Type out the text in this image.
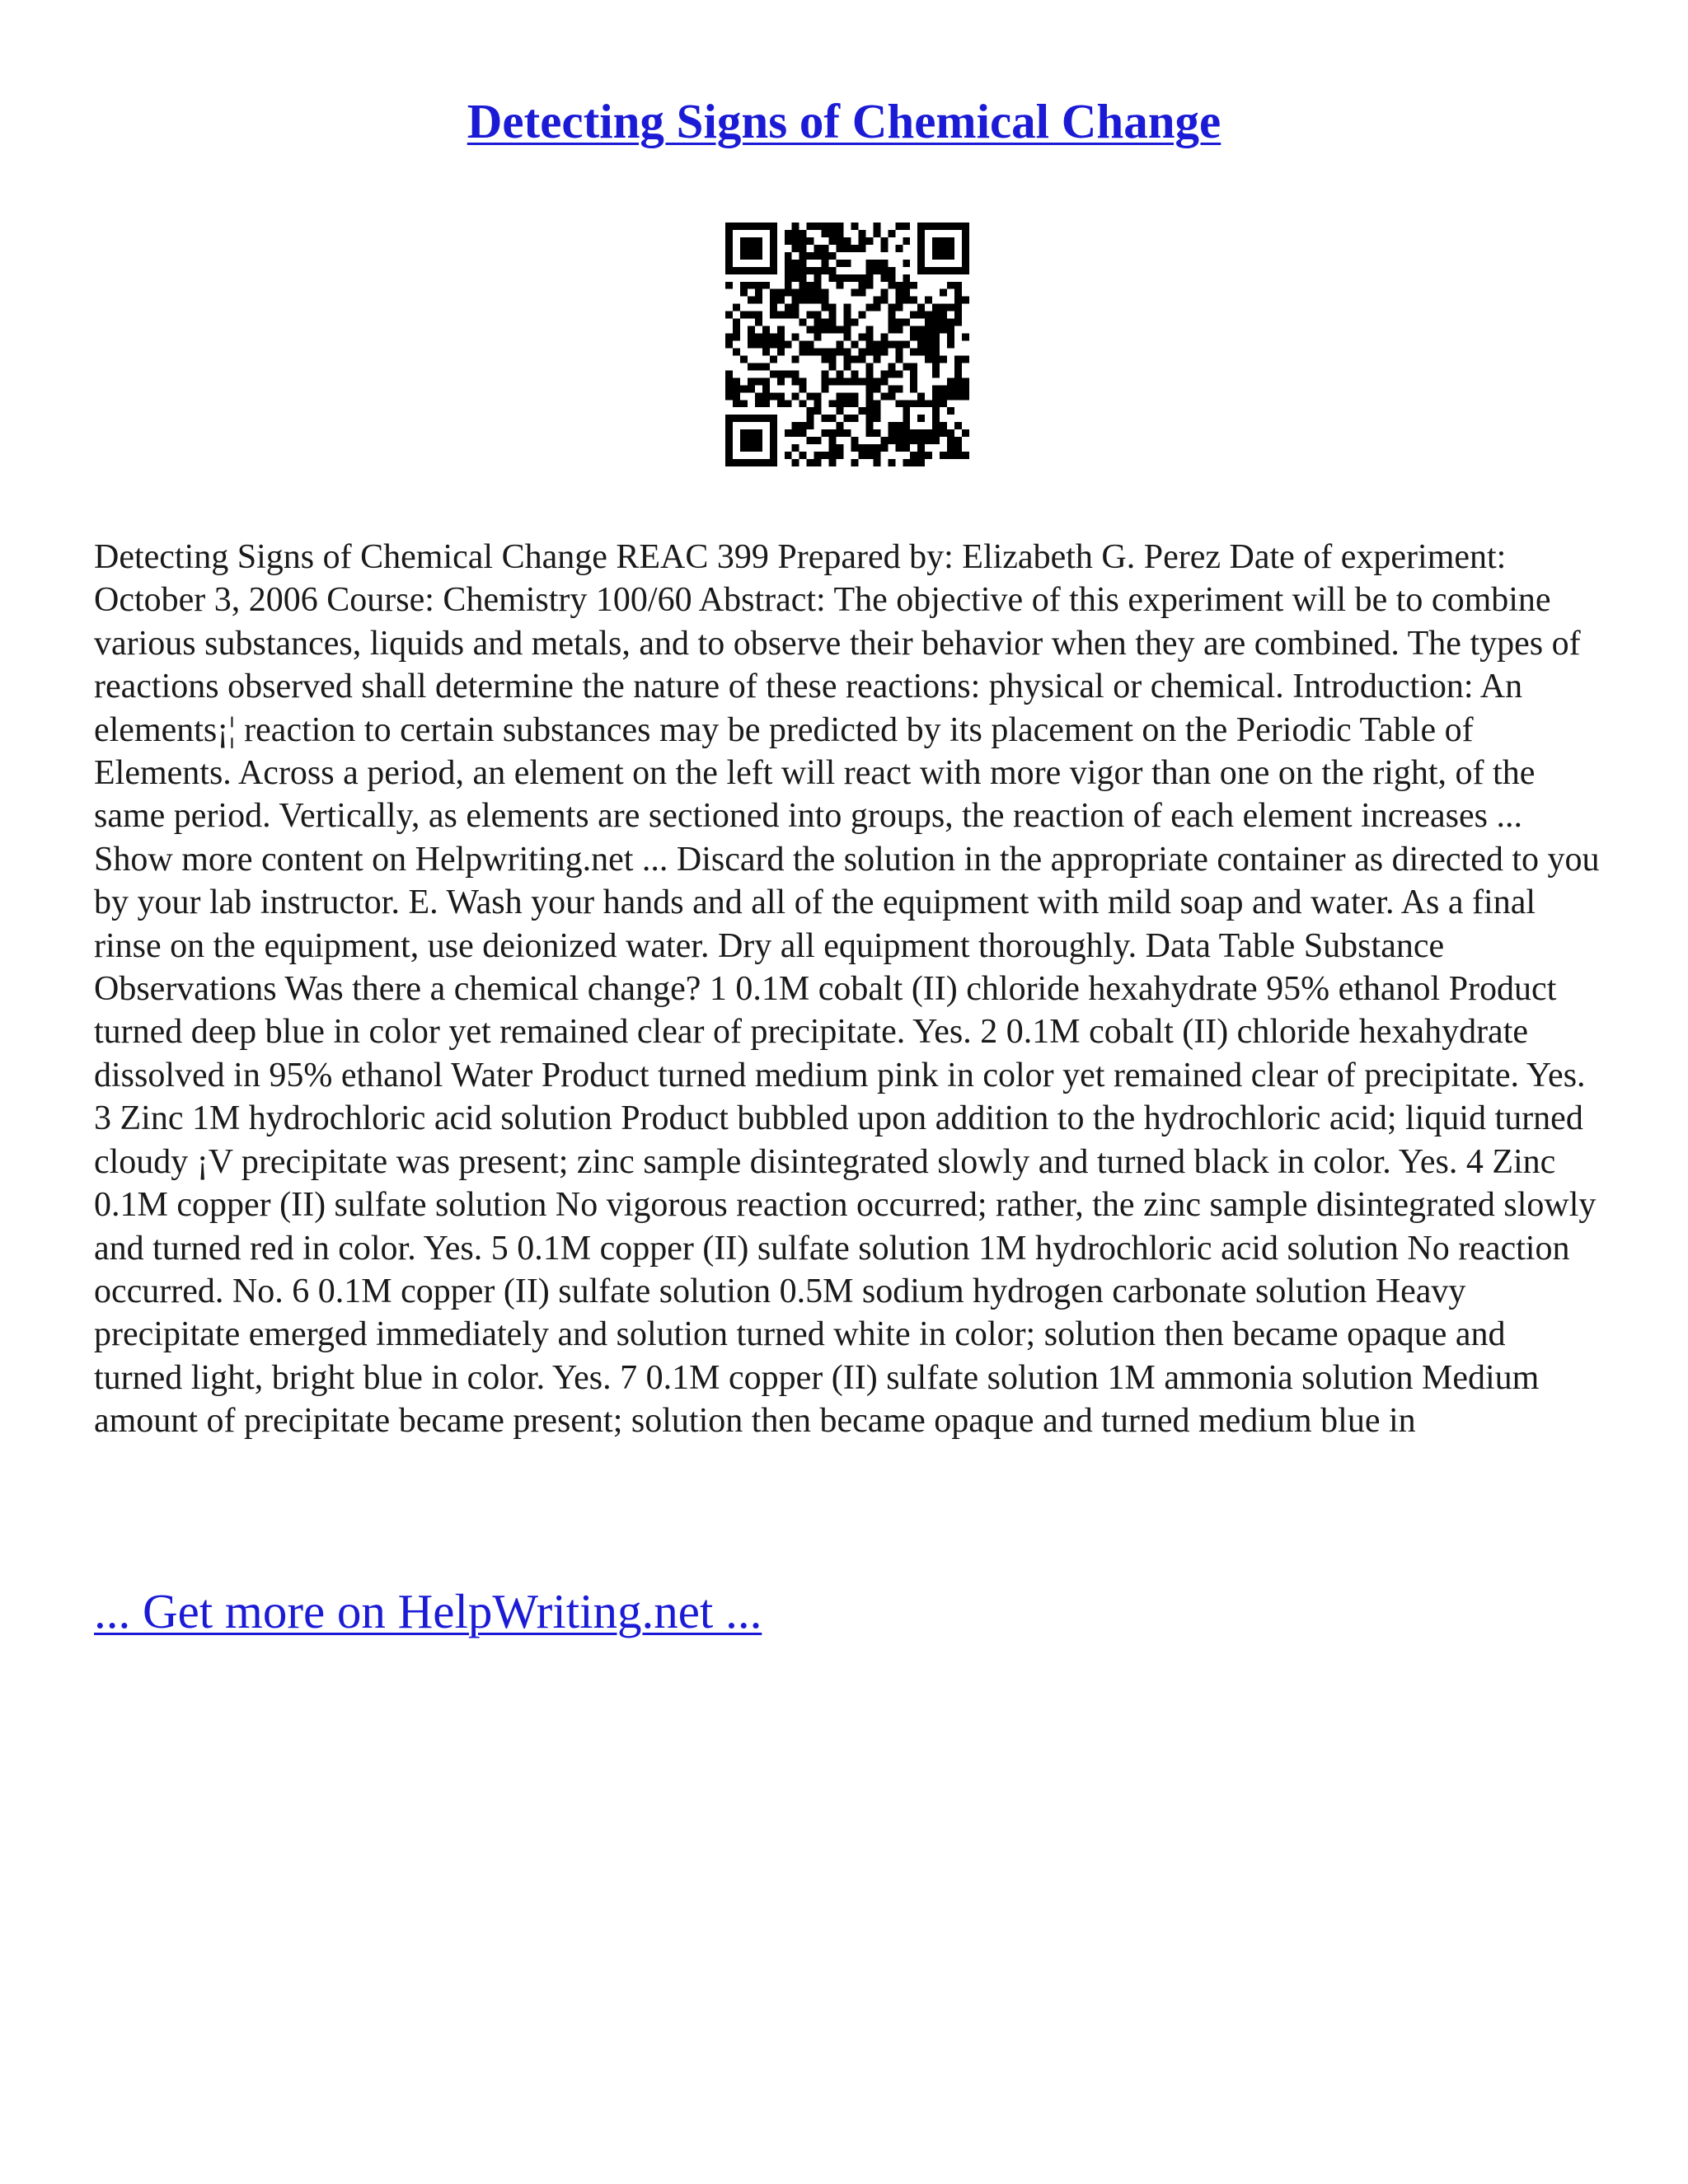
Detecting Signs of Chemical Change

Detecting Signs of Chemical Change REAC 399 Prepared by: Elizabeth G. Perez Date of experiment: October 3, 2006 Course: Chemistry 100/60 Abstract: The objective of this experiment will be to combine various substances, liquids and metals, and to observe their behavior when they are combined. The types of reactions observed shall determine the nature of these reactions: physical or chemical. Introduction: An elements¡¦ reaction to certain substances may be predicted by its placement on the Periodic Table of Elements. Across a period, an element on the left will react with more vigor than one on the right, of the same period. Vertically, as elements are sectioned into groups, the reaction of each element increases ... Show more content on Helpwriting.net ... Discard the solution in the appropriate container as directed to you by your lab instructor. E. Wash your hands and all of the equipment with mild soap and water. As a final rinse on the equipment, use deionized water. Dry all equipment thoroughly. Data Table Substance Observations Was there a chemical change? 1 0.1M cobalt (II) chloride hexahydrate 95% ethanol Product turned deep blue in color yet remained clear of precipitate. Yes. 2 0.1M cobalt (II) chloride hexahydrate dissolved in 95% ethanol Water Product turned medium pink in color yet remained clear of precipitate. Yes. 3 Zinc 1M hydrochloric acid solution Product bubbled upon addition to the hydrochloric acid; liquid turned cloudy ¡V precipitate was present; zinc sample disintegrated slowly and turned black in color. Yes. 4 Zinc 0.1M copper (II) sulfate solution No vigorous reaction occurred; rather, the zinc sample disintegrated slowly and turned red in color. Yes. 5 0.1M copper (II) sulfate solution 1M hydrochloric acid solution No reaction occurred. No. 6 0.1M copper (II) sulfate solution 0.5M sodium hydrogen carbonate solution Heavy precipitate emerged immediately and solution turned white in color; solution then became opaque and turned light, bright blue in color. Yes. 7 0.1M copper (II) sulfate solution 1M ammonia solution Medium amount of precipitate became present; solution then became opaque and turned medium blue in

... Get more on HelpWriting.net ...
